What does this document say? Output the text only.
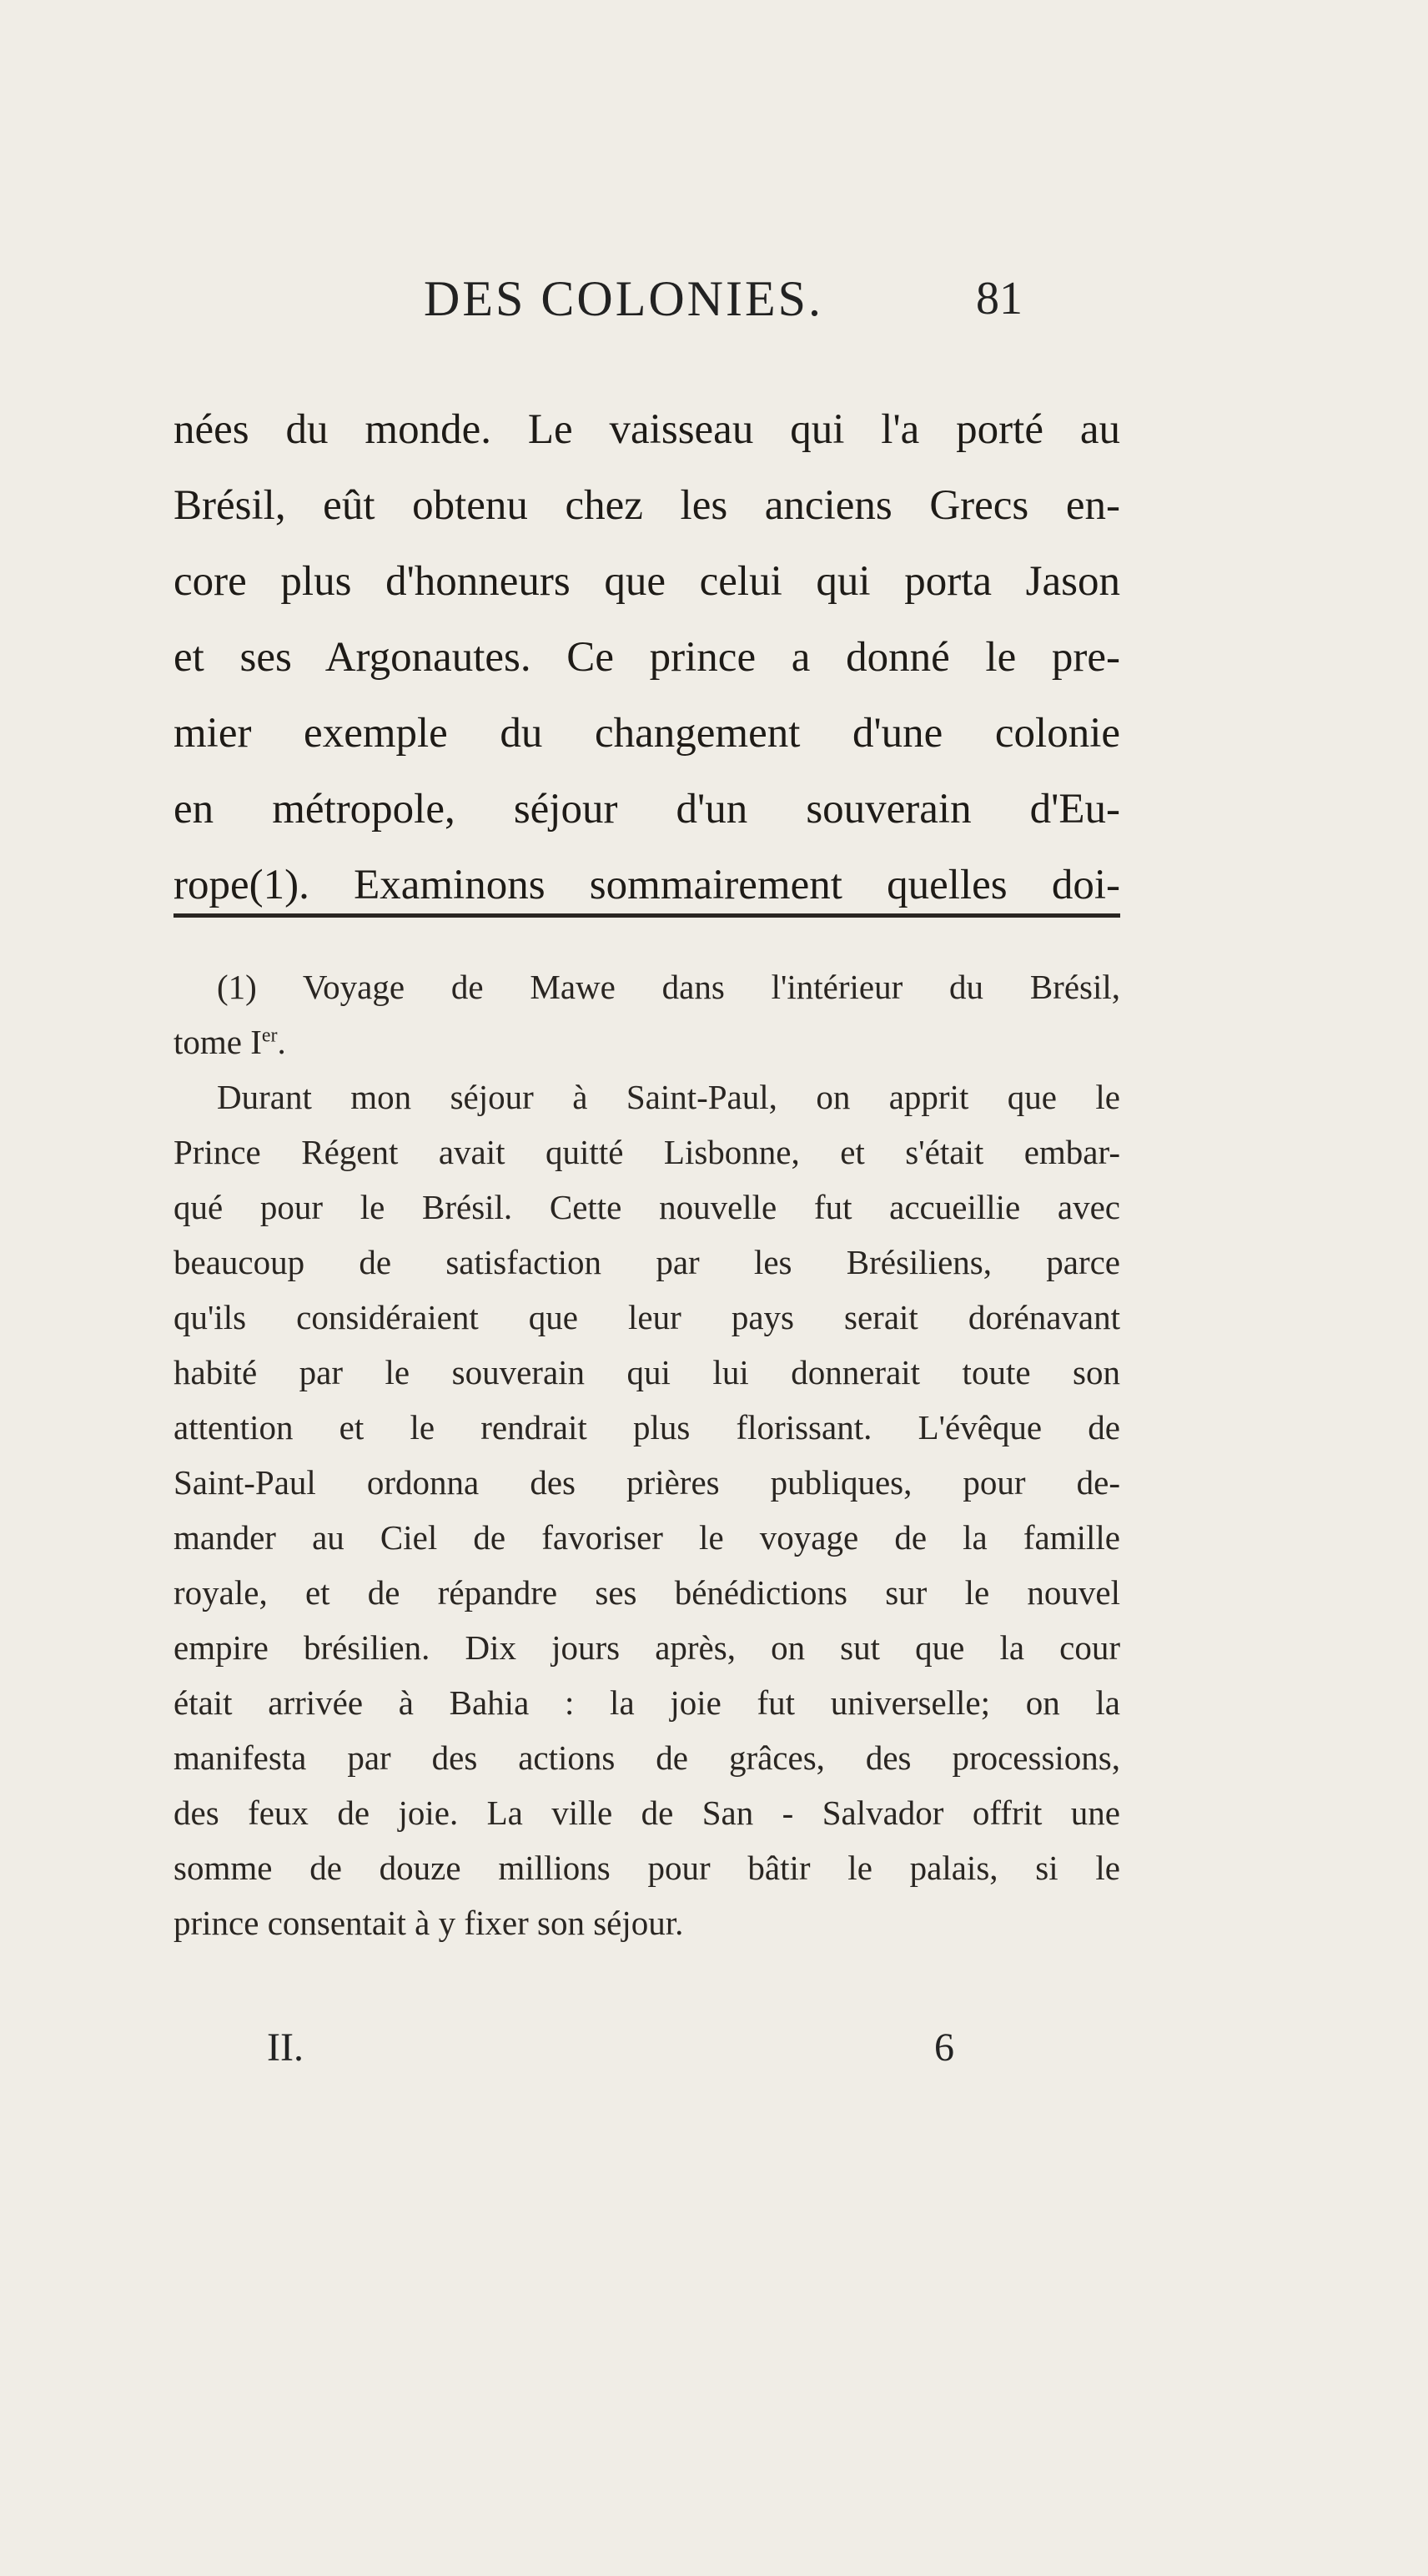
DES COLONIES.	81
nées du monde. Le vaisseau qui l'a porté au
Brésil, eût obtenu chez les anciens Grecs en-
core plus d'honneurs que celui qui porta Jason
et ses Argonautes. Ce prince a donné le pre-
mier exemple du changement d'une colonie
en métropole, séjour d'un souverain d'Eu-
rope(1). Examinons sommairement quelles doi-
(1) Voyage de Mawe dans l'intérieur du Brésil,
tome Ier.
Durant mon séjour à Saint-Paul, on apprit que le
Prince Régent avait quitté Lisbonne, et s'était embar-
qué pour le Brésil. Cette nouvelle fut accueillie avec
beaucoup de satisfaction par les Brésiliens, parce
qu'ils considéraient que leur pays serait dorénavant
habité par le souverain qui lui donnerait toute son
attention et le rendrait plus florissant. L'évêque de
Saint-Paul ordonna des prières publiques, pour de-
mander au Ciel de favoriser le voyage de la famille
royale, et de répandre ses bénédictions sur le nouvel
empire brésilien. Dix jours après, on sut que la cour
était arrivée à Bahia : la joie fut universelle; on la
manifesta par des actions de grâces, des processions,
des feux de joie. La ville de San - Salvador offrit une
somme de douze millions pour bâtir le palais, si le
prince consentait à y fixer son séjour.
II.	6
